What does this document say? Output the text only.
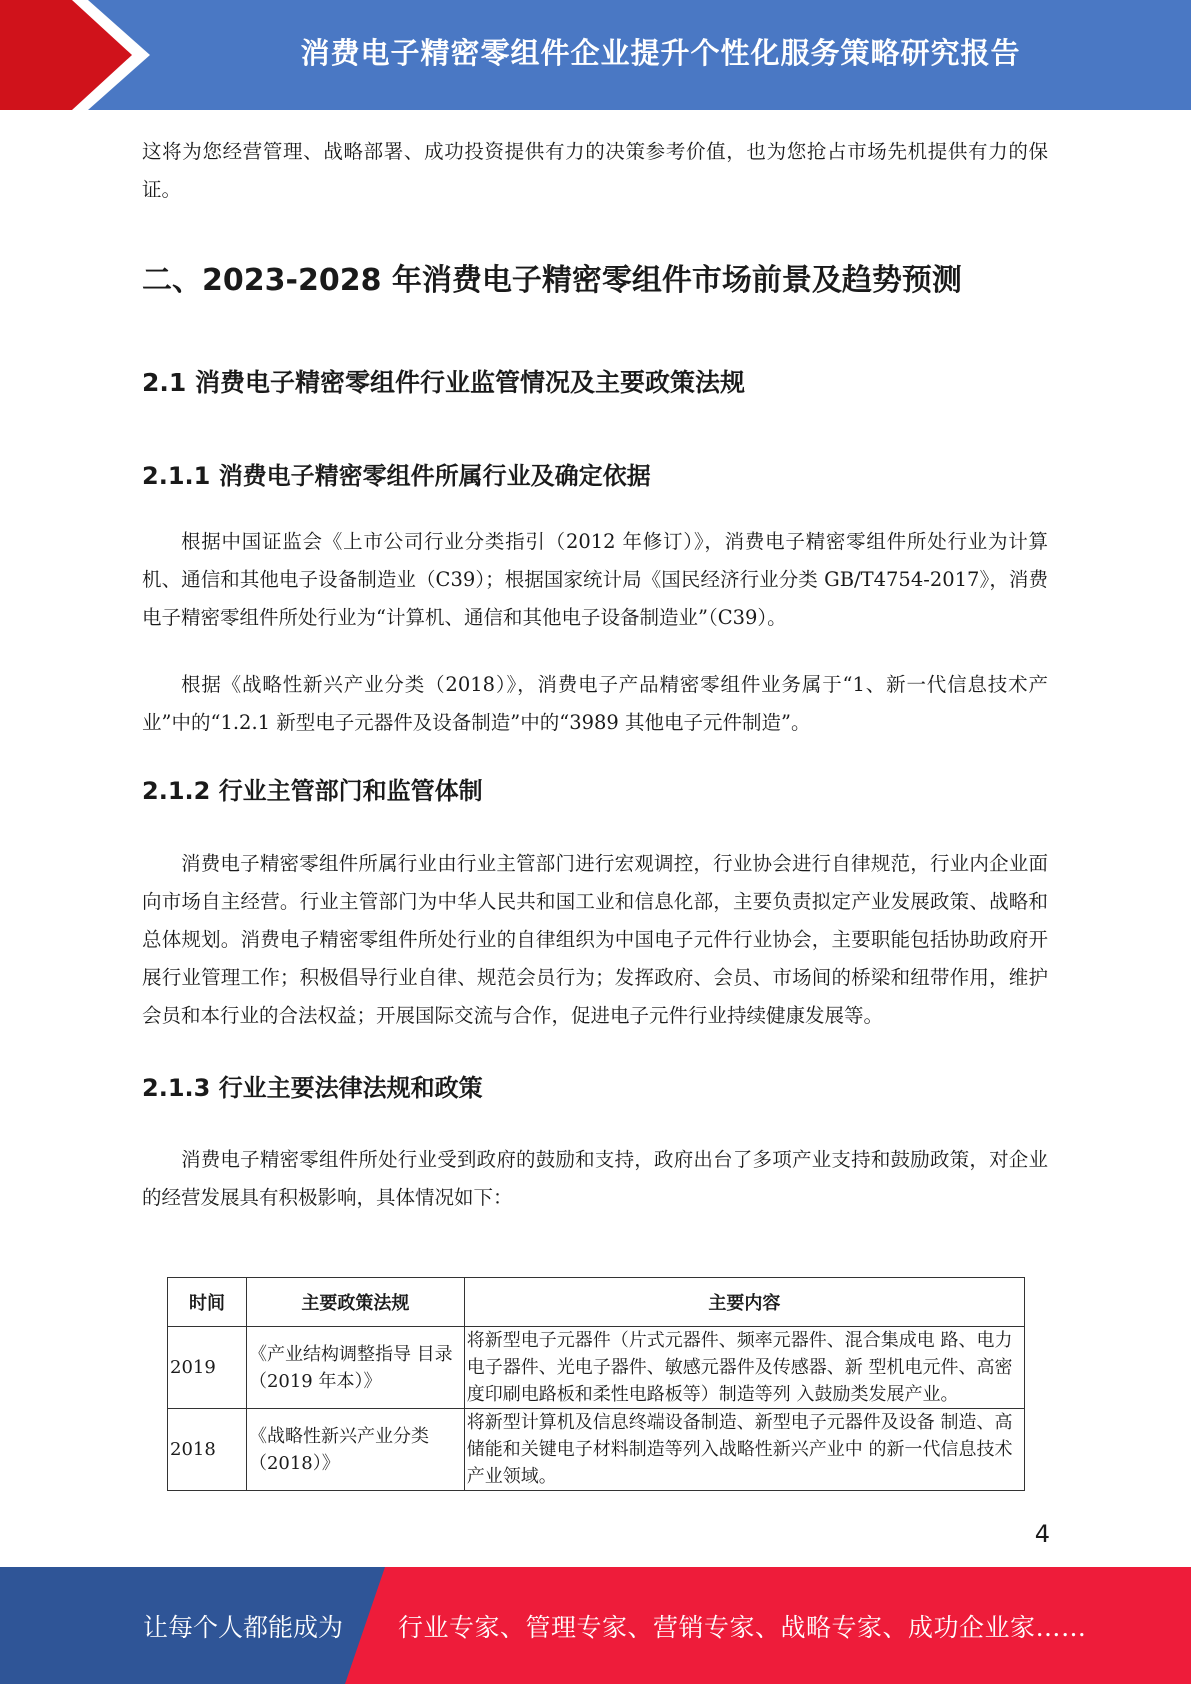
消费电子精密零组件企业提升个性化服务策略研究报告

这将为您经营管理、战略部署、成功投资提供有力的决策参考价值，也为您抢占市场先机提供有力的保证。

二、2023-2028 年消费电子精密零组件市场前景及趋势预测
2.1 消费电子精密零组件行业监管情况及主要政策法规
2.1.1 消费电子精密零组件所属行业及确定依据

根据中国证监会《上市公司行业分类指引（2012 年修订）》，消费电子精密零组件所处行业为计算机、通信和其他电子设备制造业（C39）；根据国家统计局《国民经济行业分类 GB/T4754-2017》，消费电子精密零组件所处行业为“计算机、通信和其他电子设备制造业”（C39）。

根据《战略性新兴产业分类（2018）》，消费电子产品精密零组件业务属于“1、新一代信息技术产业”中的“1.2.1 新型电子元器件及设备制造”中的“3989 其他电子元件制造”。

2.1.2 行业主管部门和监管体制

消费电子精密零组件所属行业由行业主管部门进行宏观调控，行业协会进行自律规范，行业内企业面向市场自主经营。行业主管部门为中华人民共和国工业和信息化部，主要负责拟定产业发展政策、战略和总体规划。消费电子精密零组件所处行业的自律组织为中国电子元件行业协会，主要职能包括协助政府开展行业管理工作；积极倡导行业自律、规范会员行为；发挥政府、会员、市场间的桥梁和纽带作用，维护会员和本行业的合法权益；开展国际交流与合作，促进电子元件行业持续健康发展等。

2.1.3 行业主要法律法规和政策

消费电子精密零组件所处行业受到政府的鼓励和支持，政府出台了多项产业支持和鼓励政策，对企业的经营发展具有积极影响，具体情况如下：

时间	主要政策法规	主要内容
2019	《产业结构调整指导 目录（2019 年本）》	将新型电子元器件（片式元器件、频率元器件、混合集成电 路、电力电子器件、光电子器件、敏感元器件及传感器、新 型机电元件、高密度印刷电路板和柔性电路板等）制造等列 入鼓励类发展产业。
2018	《战略性新兴产业分类（2018）》	将新型计算机及信息终端设备制造、新型电子元器件及设备 制造、高储能和关键电子材料制造等列入战略性新兴产业中 的新一代信息技术产业领域。
4
让每个人都能成为 行业专家、管理专家、营销专家、战略专家、成功企业家……
